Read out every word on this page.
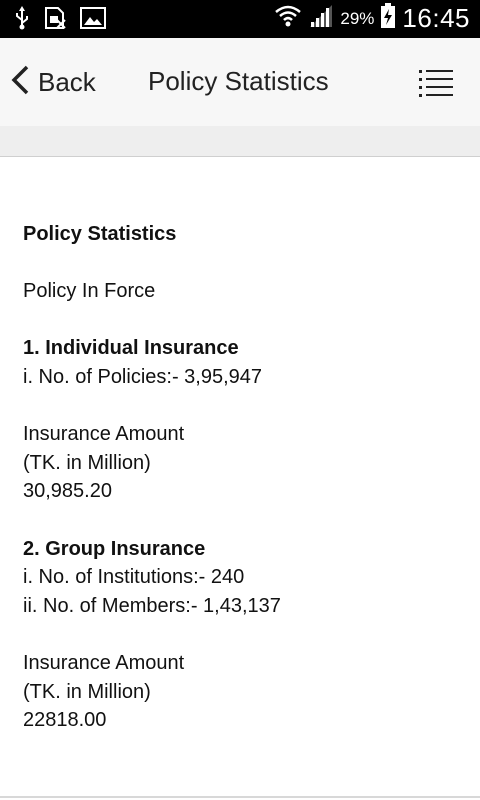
29% 16:45
Back Policy Statistics

Policy Statistics

Policy In Force

1. Individual Insurance

i. No. of Policies:- 3,95,947

Insurance Amount

(TK. in Million)

30,985.20

2. Group Insurance

i. No. of Institutions:- 240

ii. No. of Members:- 1,43,137

Insurance Amount

(TK. in Million)

22818.00
